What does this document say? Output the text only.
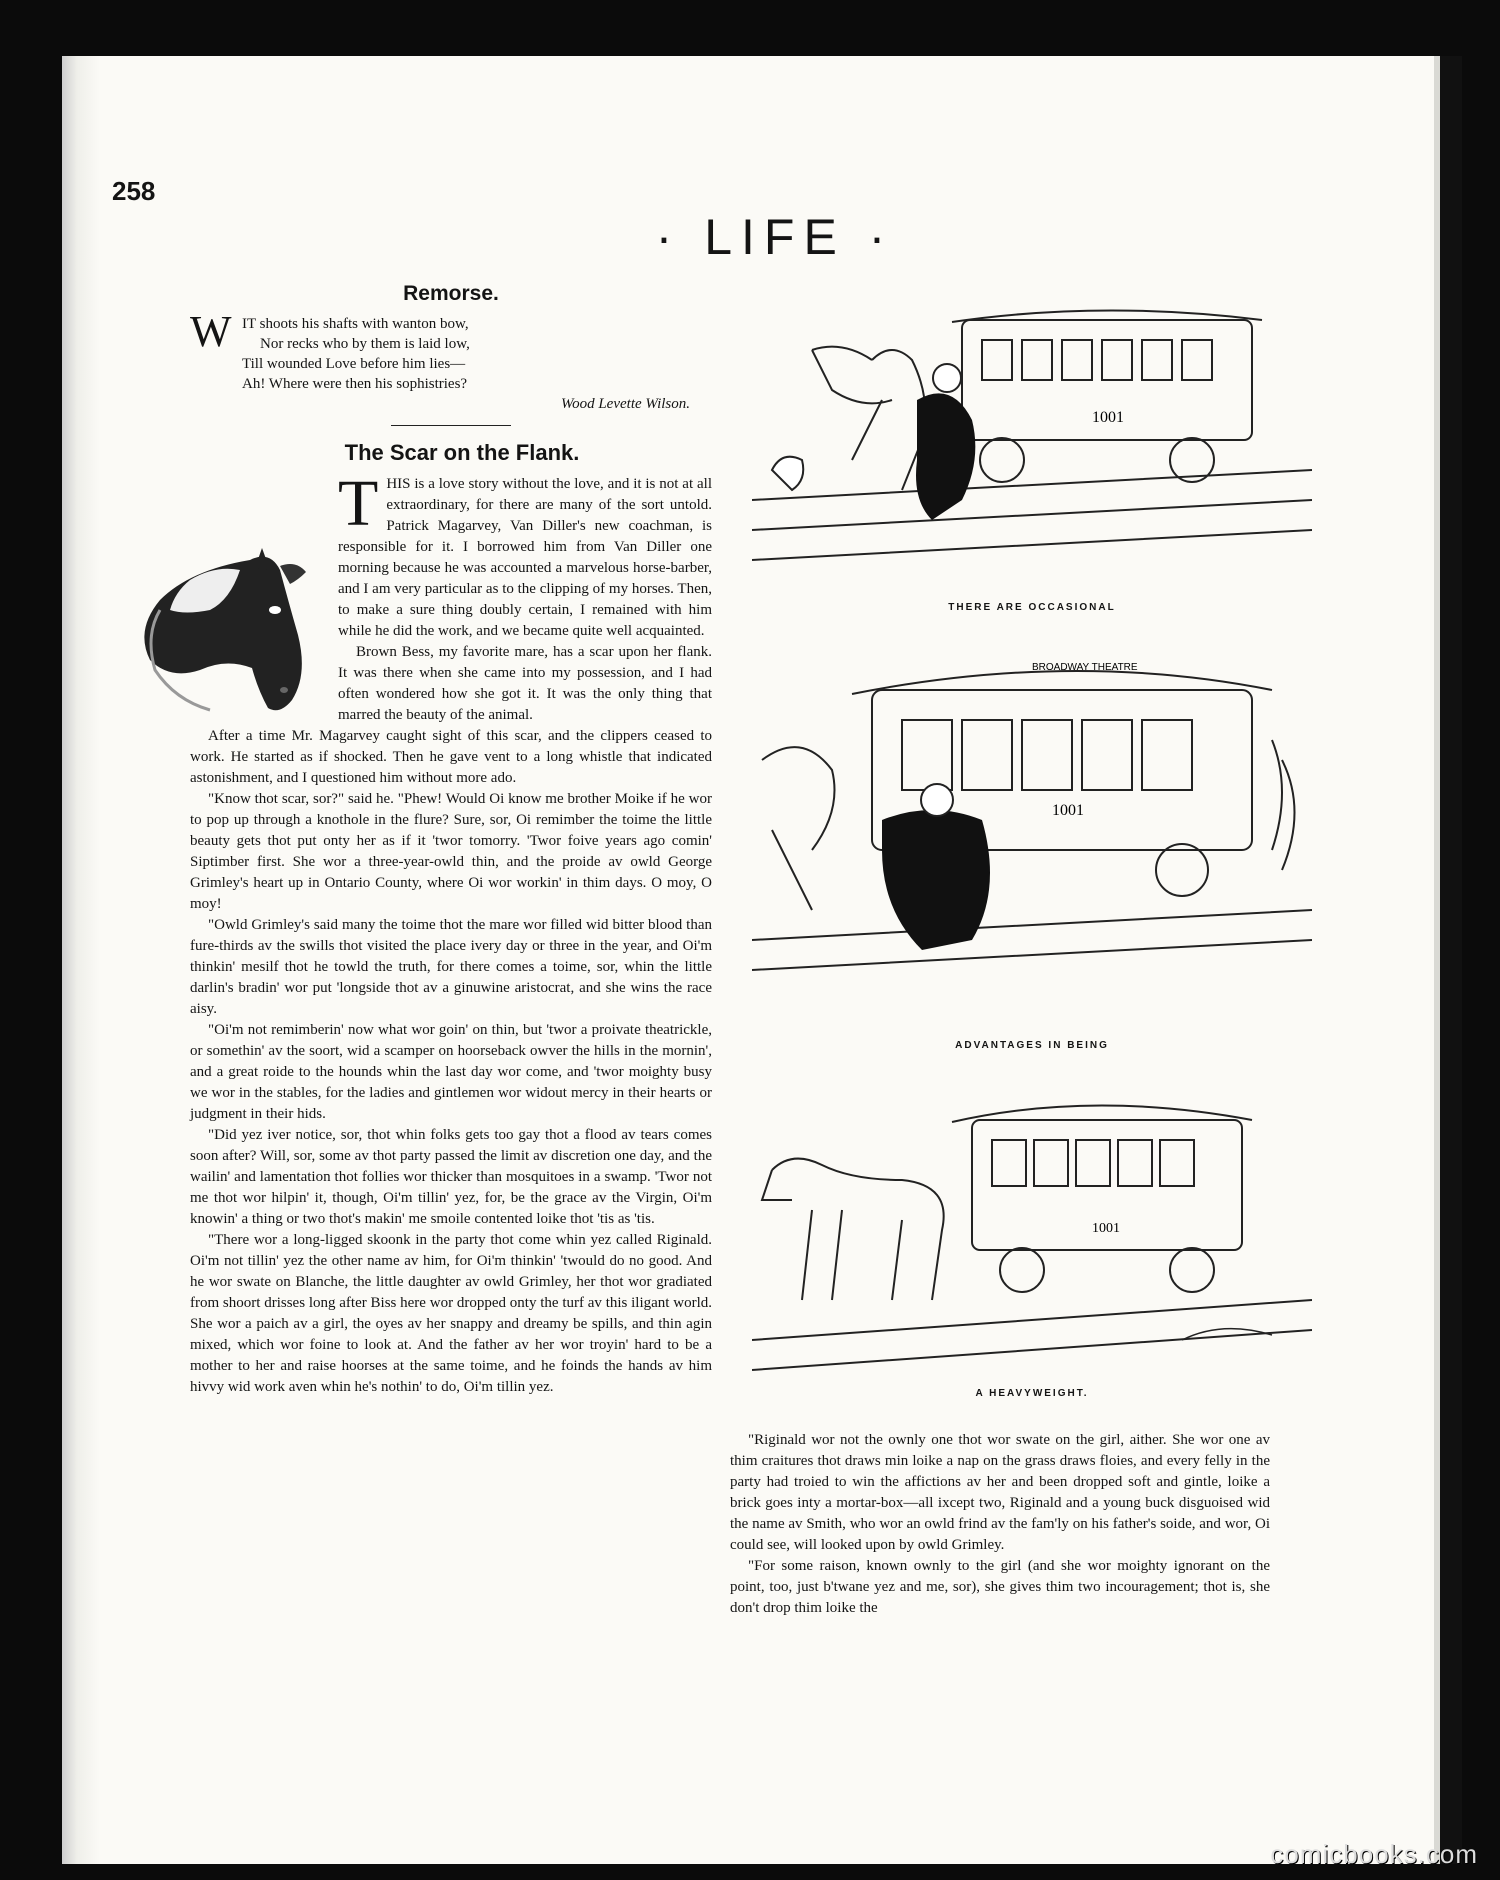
258
· LIFE ·
Remorse.
W IT shoots his shafts with wanton bow,
Nor recks who by them is laid low,
Till wounded Love before him lies—
Ah! Where were then his sophistries?
Wood Levette Wilson.
The Scar on the Flank.

THIS is a love story without the love, and it is not at all extraordinary, for there are many of the sort untold. Patrick Magarvey, Van Diller's new coachman, is responsible for it. I borrowed him from Van Diller one morning because he was accounted a marvelous horse-barber, and I am very particular as to the clipping of my horses. Then, to make a sure thing doubly certain, I remained with him while he did the work, and we became quite well acquainted.

Brown Bess, my favorite mare, has a scar upon her flank. It was there when she came into my possession, and I had often wondered how she got it. It was the only thing that marred the beauty of the animal.

After a time Mr. Magarvey caught sight of this scar, and the clippers ceased to work. He started as if shocked. Then he gave vent to a long whistle that indicated astonishment, and I questioned him without more ado.

"Know thot scar, sor?" said he. "Phew! Would Oi know me brother Moike if he wor to pop up through a knothole in the flure? Sure, sor, Oi remimber the toime the little beauty gets thot put onty her as if it 'twor tomorry. 'Twor foive years ago comin' Siptimber first. She wor a three-year-owld thin, and the proide av owld George Grimley's heart up in Ontario County, where Oi wor workin' in thim days. O moy, O moy!

"Owld Grimley's said many the toime thot the mare wor filled wid bitter blood than fure-thirds av the swills thot visited the place ivery day or three in the year, and Oi'm thinkin' mesilf thot he towld the truth, for there comes a toime, sor, whin the little darlin's bradin' wor put 'longside thot av a ginuwine aristocrat, and she wins the race aisy.

"Oi'm not remimberin' now what wor goin' on thin, but 'twor a proivate theatrickle, or somethin' av the soort, wid a scamper on hoorseback owver the hills in the mornin', and a great roide to the hounds whin the last day wor come, and 'twor moighty busy we wor in the stables, for the ladies and gintlemen wor widout mercy in their hearts or judgment in their hids.

"Did yez iver notice, sor, thot whin folks gets too gay thot a flood av tears comes soon after? Will, sor, some av thot party passed the limit av discretion one day, and the wailin' and lamentation thot follies wor thicker than mosquitoes in a swamp. 'Twor not me thot wor hilpin' it, though, Oi'm tillin' yez, for, be the grace av the Virgin, Oi'm knowin' a thing or two thot's makin' me smoile contented loike thot 'tis as 'tis.

"There wor a long-ligged skoonk in the party thot come whin yez called Riginald. Oi'm not tillin' yez the other name av him, for Oi'm thinkin' 'twould do no good. And he wor swate on Blanche, the little daughter av owld Grimley, her thot wor gradiated from shoort drisses long after Biss here wor dropped onty the turf av this iligant world. She wor a paich av a girl, the oyes av her snappy and dreamy be spills, and thin agin mixed, which wor foine to look at. And the father av her wor troyin' hard to be a mother to her and raise hoorses at the same toime, and he foinds the hands av him hivvy wid work aven whin he's nothin' to do, Oi'm tillin yez.

1001
THERE ARE OCCASIONAL
BROADWAY THEATRE
1001
ADVANTAGES IN BEING
1001
A HEAVYWEIGHT.

"Riginald wor not the ownly one thot wor swate on the girl, aither. She wor one av thim craitures thot draws min loike a nap on the grass draws floies, and every felly in the party had troied to win the affictions av her and been dropped soft and gintle, loike a brick goes inty a mortar-box—all ixcept two, Riginald and a young buck disguoised wid the name av Smith, who wor an owld frind av the fam'ly on his father's soide, and wor, Oi could see, will looked upon by owld Grimley.

"For some raison, known ownly to the girl (and she wor moighty ignorant on the point, too, just b'twane yez and me, sor), she gives thim two incouragement; thot is, she don't drop thim loike the

comicbooks.com
